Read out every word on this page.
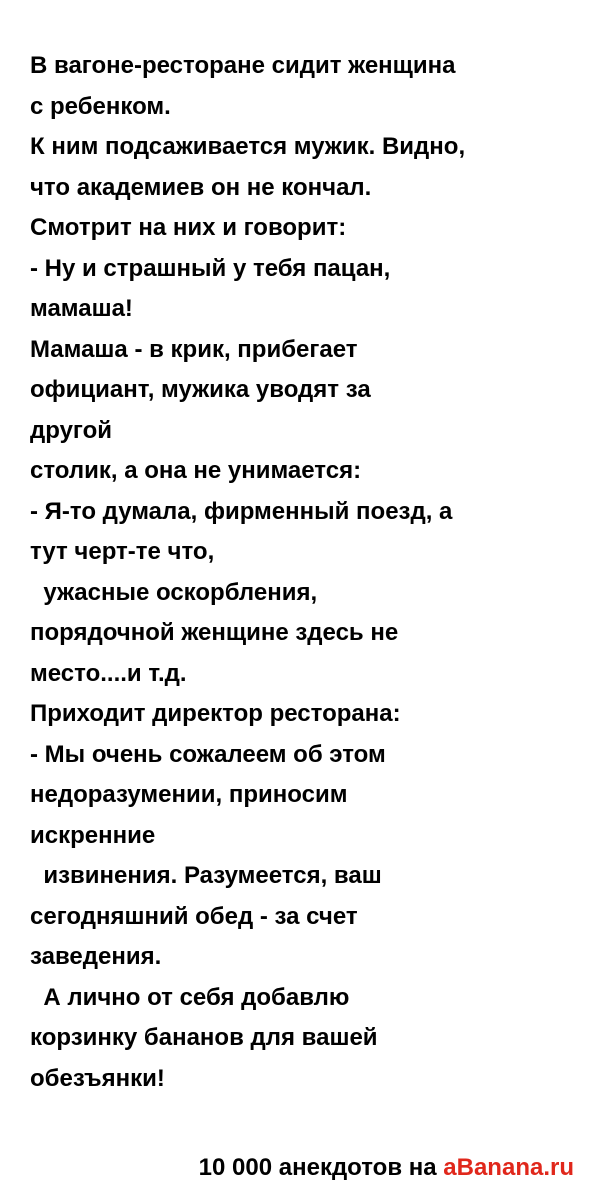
В вагоне-ресторане сидит женщина
с ребенком.
К ним подсаживается мужик. Видно,
что академиев он не кончал.
Смотрит на них и говорит:
- Ну и страшный у тебя пацан,
мамаша!
Мамаша - в крик, прибегает
официант, мужика уводят за
другой
столик, а она не унимается:
- Я-то думала, фирменный поезд, а
тут черт-те что,
ужасные оскорбления,
порядочной женщине здесь не
место....и т.д.
Приходит директор ресторана:
- Мы очень сожалеем об этом
недоразумении, приносим
искренние
извинения. Разумеется, ваш
сегодняшний обед - за счет
заведения.
А лично от себя добавлю
корзинку бананов для вашей
обезъянки!

10 000 анекдотов на aBanana.ru
